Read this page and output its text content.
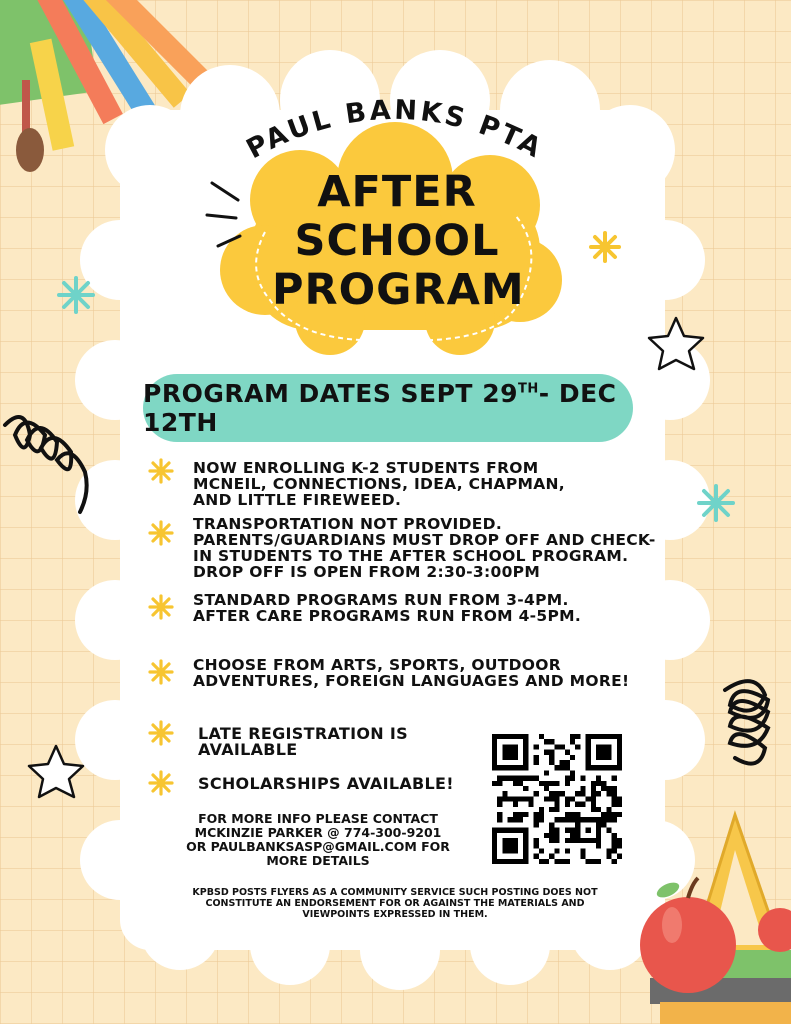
PAUL BANKS PTA
AFTER
SCHOOL
PROGRAM
PROGRAM DATES SEPT 29TH- DEC 12TH
NOW ENROLLING K-2 STUDENTS FROM MCNEIL, CONNECTIONS, IDEA, CHAPMAN, AND LITTLE FIREWEED.
TRANSPORTATION NOT PROVIDED. PARENTS/GUARDIANS MUST DROP OFF AND CHECK-IN STUDENTS TO THE AFTER SCHOOL PROGRAM. DROP OFF IS OPEN FROM 2:30-3:00PM
STANDARD PROGRAMS RUN FROM 3-4PM. AFTER CARE PROGRAMS RUN FROM 4-5PM.
CHOOSE FROM ARTS, SPORTS, OUTDOOR ADVENTURES, FOREIGN LANGUAGES AND MORE!
LATE REGISTRATION IS AVAILABLE
SCHOLARSHIPS AVAILABLE!
FOR MORE INFO PLEASE CONTACT
MCKINZIE PARKER @ 774-300-9201
OR PAULBANKSASP@GMAIL.COM FOR MORE DETAILS
KPBSD POSTS FLYERS AS A COMMUNITY SERVICE SUCH POSTING DOES NOT CONSTITUTE AN ENDORSEMENT FOR OR AGAINST THE MATERIALS AND VIEWPOINTS EXPRESSED IN THEM.
